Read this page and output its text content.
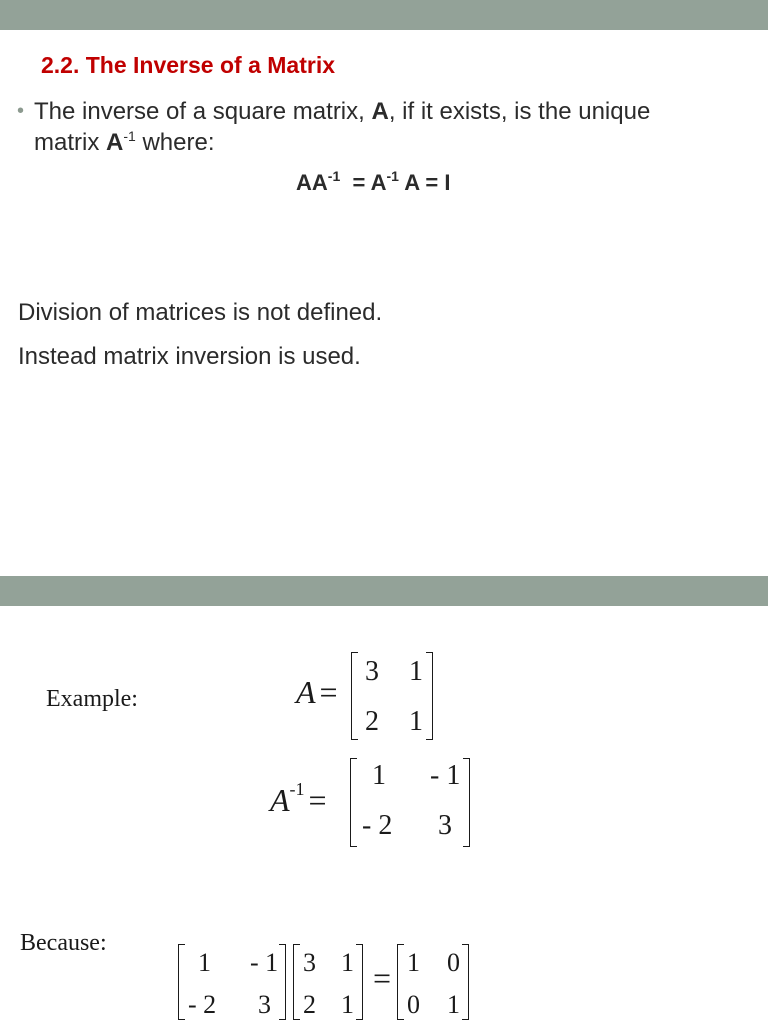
2.2. The Inverse of a Matrix
• The inverse of a square matrix, A, if it exists, is the unique matrix $A^{-1}$ where:
$AA^{-1} = A^{-1}$ A = I
Division of matrices is not defined.
Instead matrix inversion is used.
Example:	A =
3 1
2 1
$A^{-1}$ =
1 - 1
- 2 3
Because:
1 - 1
- 2 3
3 1
2 1
= 1 0
0 1
